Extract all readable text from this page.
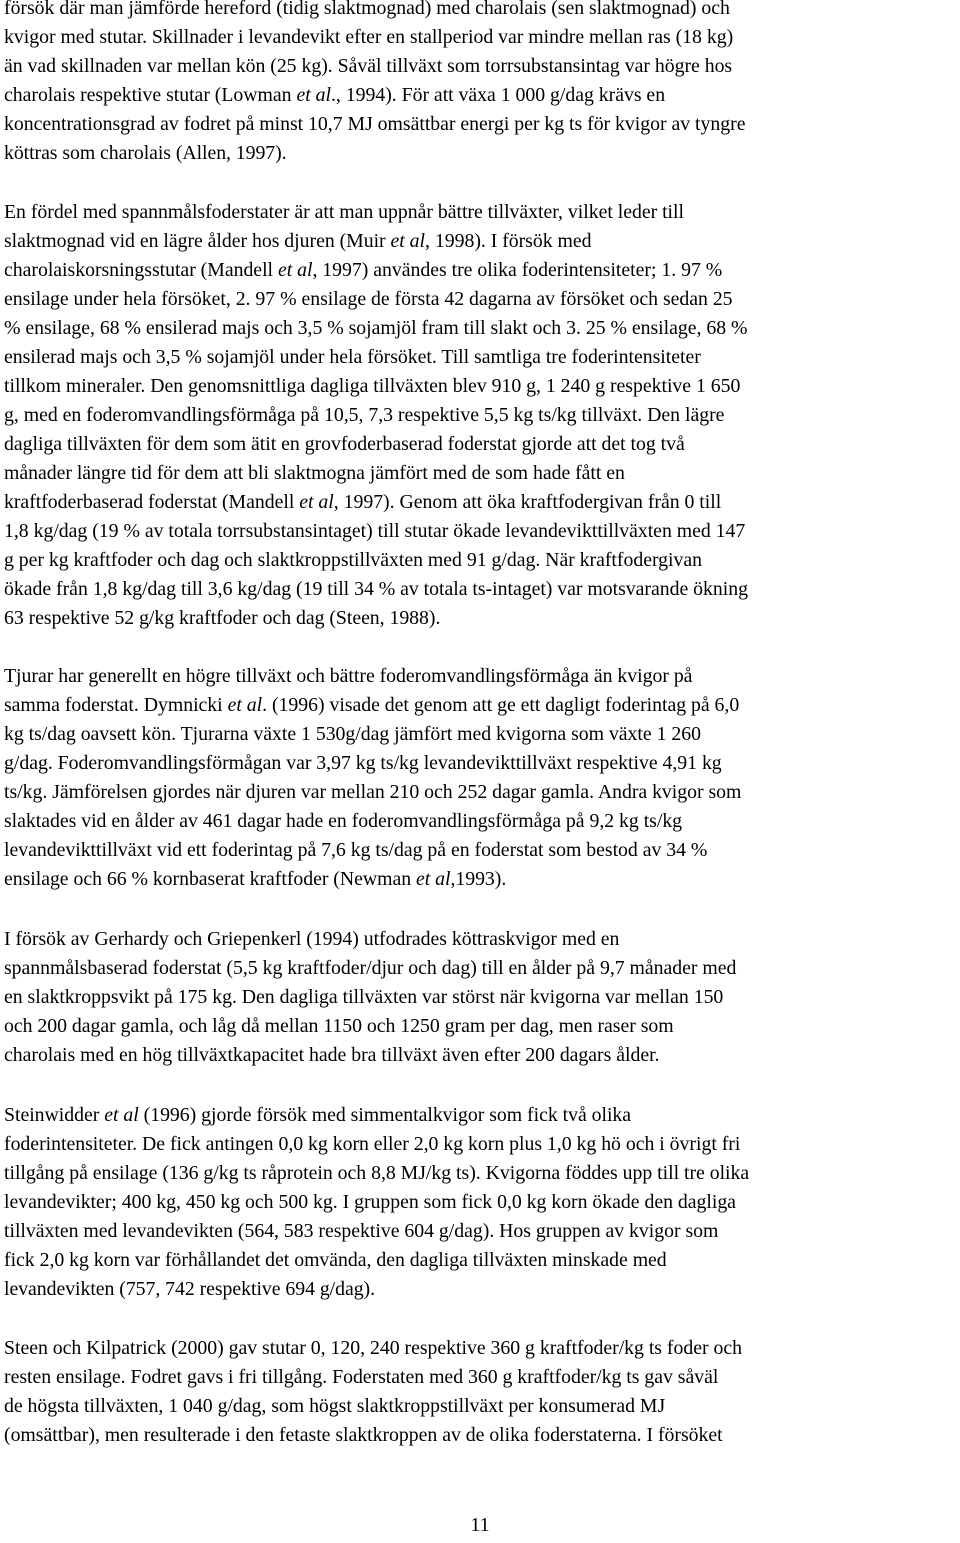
försök där man jämförde hereford (tidig slaktmognad) med charolais (sen slaktmognad) och
kvigor med stutar. Skillnader i levandevikt efter en stallperiod var mindre mellan ras (18 kg)
än vad skillnaden var mellan kön (25 kg). Såväl tillväxt som torrsubstansintag var högre hos
charolais respektive stutar (Lowman et al., 1994). För att växa 1 000 g/dag krävs en
koncentrationsgrad av fodret på minst 10,7 MJ omsättbar energi per kg ts för kvigor av tyngre
köttras som charolais (Allen, 1997).
En fördel med spannmålsfoderstater är att man uppnår bättre tillväxter, vilket leder till
slaktmognad vid en lägre ålder hos djuren (Muir et al, 1998). I försök med
charolaiskorsningsstutar (Mandell et al, 1997) användes tre olika foderintensiteter; 1. 97 %
ensilage under hela försöket, 2. 97 % ensilage de första 42 dagarna av försöket och sedan 25
% ensilage, 68 % ensilerad majs och 3,5 % sojamjöl fram till slakt och 3. 25 % ensilage, 68 %
ensilerad majs och 3,5 % sojamjöl under hela försöket. Till samtliga tre foderintensiteter
tillkom mineraler. Den genomsnittliga dagliga tillväxten blev 910 g, 1 240 g respektive 1 650
g, med en foderomvandlingsförmåga på 10,5, 7,3 respektive 5,5 kg ts/kg tillväxt. Den lägre
dagliga tillväxten för dem som ätit en grovfoderbaserad foderstat gjorde att det tog två
månader längre tid för dem att bli slaktmogna jämfört med de som hade fått en
kraftfoderbaserad foderstat (Mandell et al, 1997). Genom att öka kraftfodergivan från 0 till
1,8 kg/dag (19 % av totala torrsubstansintaget) till stutar ökade levandevikttillväxten med 147
g per kg kraftfoder och dag och slaktkroppstillväxten med 91 g/dag. När kraftfodergivan
ökade från 1,8 kg/dag till 3,6 kg/dag (19 till 34 % av totala ts-intaget) var motsvarande ökning
63 respektive 52 g/kg kraftfoder och dag (Steen, 1988).
Tjurar har generellt en högre tillväxt och bättre foderomvandlingsförmåga än kvigor på
samma foderstat. Dymnicki et al. (1996) visade det genom att ge ett dagligt foderintag på 6,0
kg ts/dag oavsett kön. Tjurarna växte 1 530g/dag jämfört med kvigorna som växte 1 260
g/dag. Foderomvandlingsförmågan var 3,97 kg ts/kg levandevikttillväxt respektive 4,91 kg
ts/kg. Jämförelsen gjordes när djuren var mellan 210 och 252 dagar gamla. Andra kvigor som
slaktades vid en ålder av 461 dagar hade en foderomvandlingsförmåga på 9,2 kg ts/kg
levandevikttillväxt vid ett foderintag på 7,6 kg ts/dag på en foderstat som bestod av 34 %
ensilage och 66 % kornbaserat kraftfoder (Newman et al,1993).
I försök av Gerhardy och Griepenkerl (1994) utfodrades köttraskvigor med en
spannmålsbaserad foderstat (5,5 kg kraftfoder/djur och dag) till en ålder på 9,7 månader med
en slaktkroppsvikt på 175 kg. Den dagliga tillväxten var störst när kvigorna var mellan 150
och 200 dagar gamla, och låg då mellan 1150 och 1250 gram per dag, men raser som
charolais med en hög tillväxtkapacitet hade bra tillväxt även efter 200 dagars ålder.
Steinwidder et al (1996) gjorde försök med simmentalkvigor som fick två olika
foderintensiteter. De fick antingen 0,0 kg korn eller 2,0 kg korn plus 1,0 kg hö och i övrigt fri
tillgång på ensilage (136 g/kg ts råprotein och 8,8 MJ/kg ts). Kvigorna föddes upp till tre olika
levandevikter; 400 kg, 450 kg och 500 kg. I gruppen som fick 0,0 kg korn ökade den dagliga
tillväxten med levandevikten (564, 583 respektive 604 g/dag). Hos gruppen av kvigor som
fick 2,0 kg korn var förhållandet det omvända, den dagliga tillväxten minskade med
levandevikten (757, 742 respektive 694 g/dag).
Steen och Kilpatrick (2000) gav stutar 0, 120, 240 respektive 360 g kraftfoder/kg ts foder och
resten ensilage. Fodret gavs i fri tillgång. Foderstaten med 360 g kraftfoder/kg ts gav såväl
de högsta tillväxten, 1 040 g/dag, som högst slaktkroppstillväxt per konsumerad MJ
(omsättbar), men resulterade i den fetaste slaktkroppen av de olika foderstaterna. I försöket
11
